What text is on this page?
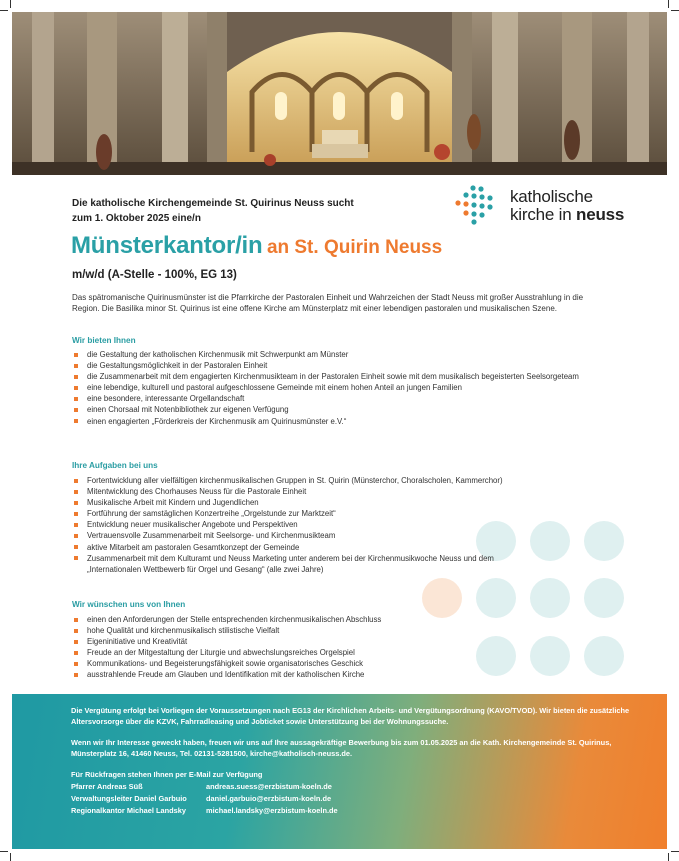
Die katholische Kirchengemeinde St. Quirinus Neuss sucht
zum 1. Oktober 2025 eine/n
katholische
kirche in neuss
Münsterkantor/in an St. Quirin Neuss
m/w/d (A-Stelle - 100%, EG 13)
Das spätromanische Quirinusmünster ist die Pfarrkirche der Pastoralen Einheit und Wahrzeichen der Stadt Neuss mit großer Ausstrahlung in die Region. Die Basilika minor St. Quirinus ist eine offene Kirche am Münsterplatz mit einer lebendigen pastoralen und musikalischen Szene.
Wir bieten Ihnen
die Gestaltung der katholischen Kirchenmusik mit Schwerpunkt am Münster
die Gestaltungsmöglichkeit in der Pastoralen Einheit
die Zusammenarbeit mit dem engagierten Kirchenmusikteam in der Pastoralen Einheit sowie mit dem musikalisch begeisterten Seelsorgeteam
eine lebendige, kulturell und pastoral aufgeschlossene Gemeinde mit einem hohen Anteil an jungen Familien
eine besondere, interessante Orgellandschaft
einen Chorsaal mit Notenbibliothek zur eigenen Verfügung
einen engagierten „Förderkreis der Kirchenmusik am Quirinusmünster e.V.“
Ihre Aufgaben bei uns
Fortentwicklung aller vielfältigen kirchenmusikalischen Gruppen in St. Quirin (Münsterchor, Choralscholen, Kammerchor)
Mitentwicklung des Chorhauses Neuss für die Pastorale Einheit
Musikalische Arbeit mit Kindern und Jugendlichen
Fortführung der samstäglichen Konzertreihe „Orgelstunde zur Marktzeit“
Entwicklung neuer musikalischer Angebote und Perspektiven
Vertrauensvolle Zusammenarbeit mit Seelsorge- und Kirchenmusikteam
aktive Mitarbeit am pastoralen Gesamtkonzept der Gemeinde
Zusammenarbeit mit dem Kulturamt und Neuss Marketing unter anderem bei der Kirchenmusikwoche Neuss und dem „Internationalen Wettbewerb für Orgel und Gesang“ (alle zwei Jahre)
Wir wünschen uns von Ihnen
einen den Anforderungen der Stelle entsprechenden kirchenmusikalischen Abschluss
hohe Qualität und kirchenmusikalisch stilistische Vielfalt
Eigeninitiative und Kreativität
Freude an der Mitgestaltung der Liturgie und abwechslungsreiches Orgelspiel
Kommunikations- und Begeisterungsfähigkeit sowie organisatorisches Geschick
ausstrahlende Freude am Glauben und Identifikation mit der katholischen Kirche
Die Vergütung erfolgt bei Vorliegen der Voraussetzungen nach EG13 der Kirchlichen Arbeits- und Vergütungsordnung (KAVO/TVOD). Wir bieten die zusätzliche Altersvorsorge über die KZVK, Fahrradleasing und Jobticket sowie Unterstützung bei der Wohnungssuche.
Wenn wir Ihr Interesse geweckt haben, freuen wir uns auf Ihre aussagekräftige Bewerbung bis zum 01.05.2025 an die Kath. Kirchengemeinde St. Quirinus, Münsterplatz 16, 41460 Neuss, Tel. 02131-5281500, kirche@katholisch-neuss.de.
Für Rückfragen stehen Ihnen per E-Mail zur Verfügung
Pfarrer Andreas Süß	andreas.suess@erzbistum-koeln.de
Verwaltungsleiter Daniel Garbuio	daniel.garbuio@erzbistum-koeln.de
Regionalkantor Michael Landsky	michael.landsky@erzbistum-koeln.de
